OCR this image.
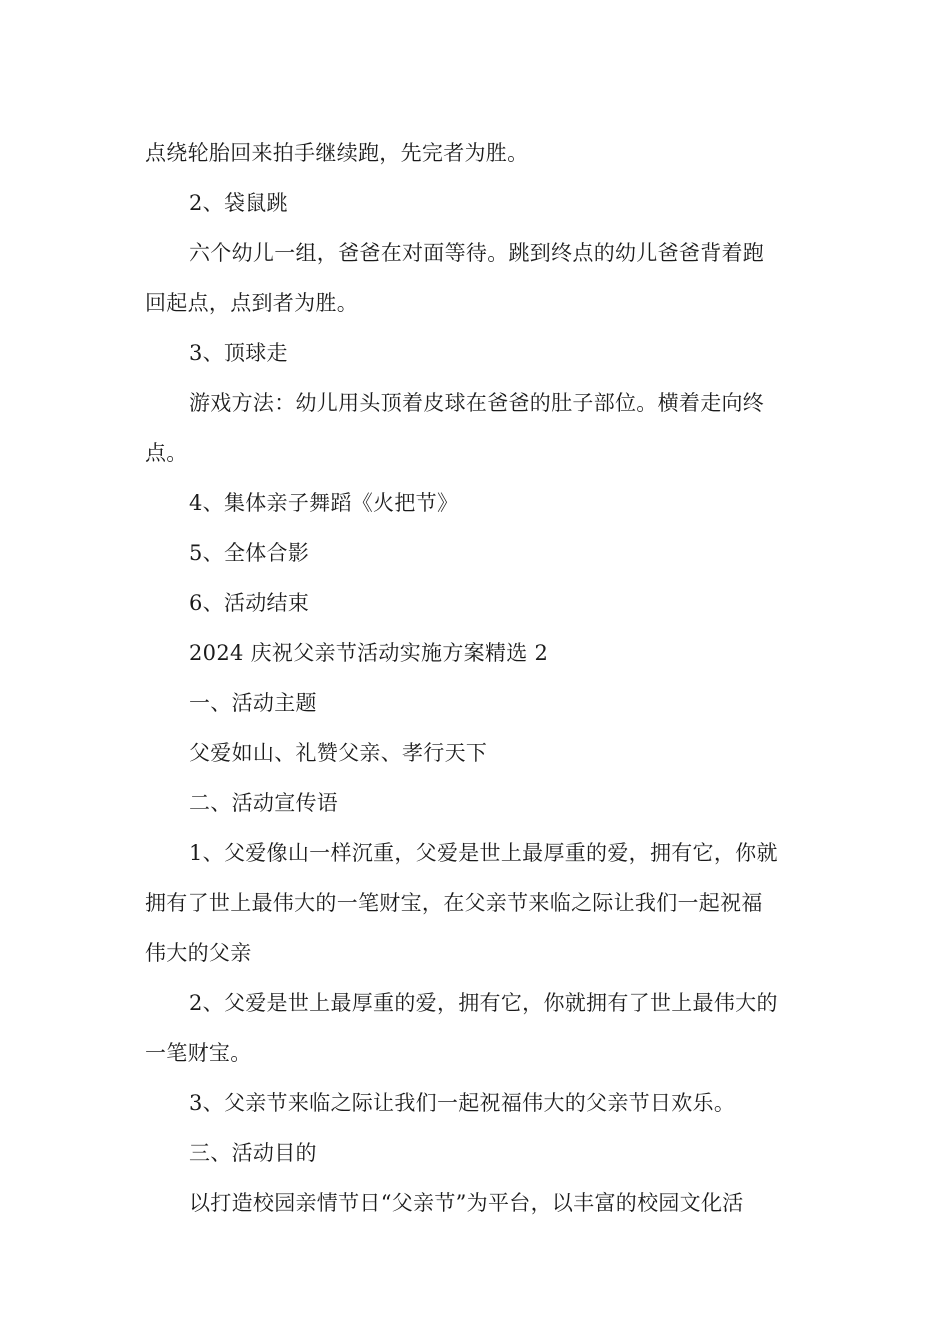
点绕轮胎回来拍手继续跑，先完者为胜。

2、袋鼠跳

六个幼儿一组，爸爸在对面等待。跳到终点的幼儿爸爸背着跑

回起点，点到者为胜。

3、顶球走

游戏方法：幼儿用头顶着皮球在爸爸的肚子部位。横着走向终

点。

4、集体亲子舞蹈《火把节》

5、全体合影

6、活动结束

2024 庆祝父亲节活动实施方案精选 2

一、活动主题

父爱如山、礼赞父亲、孝行天下

二、活动宣传语

1、父爱像山一样沉重，父爱是世上最厚重的爱，拥有它，你就

拥有了世上最伟大的一笔财宝，在父亲节来临之际让我们一起祝福

伟大的父亲

2、父爱是世上最厚重的爱，拥有它，你就拥有了世上最伟大的

一笔财宝。

3、父亲节来临之际让我们一起祝福伟大的父亲节日欢乐。

三、活动目的

以打造校园亲情节日“父亲节”为平台，以丰富的校园文化活
